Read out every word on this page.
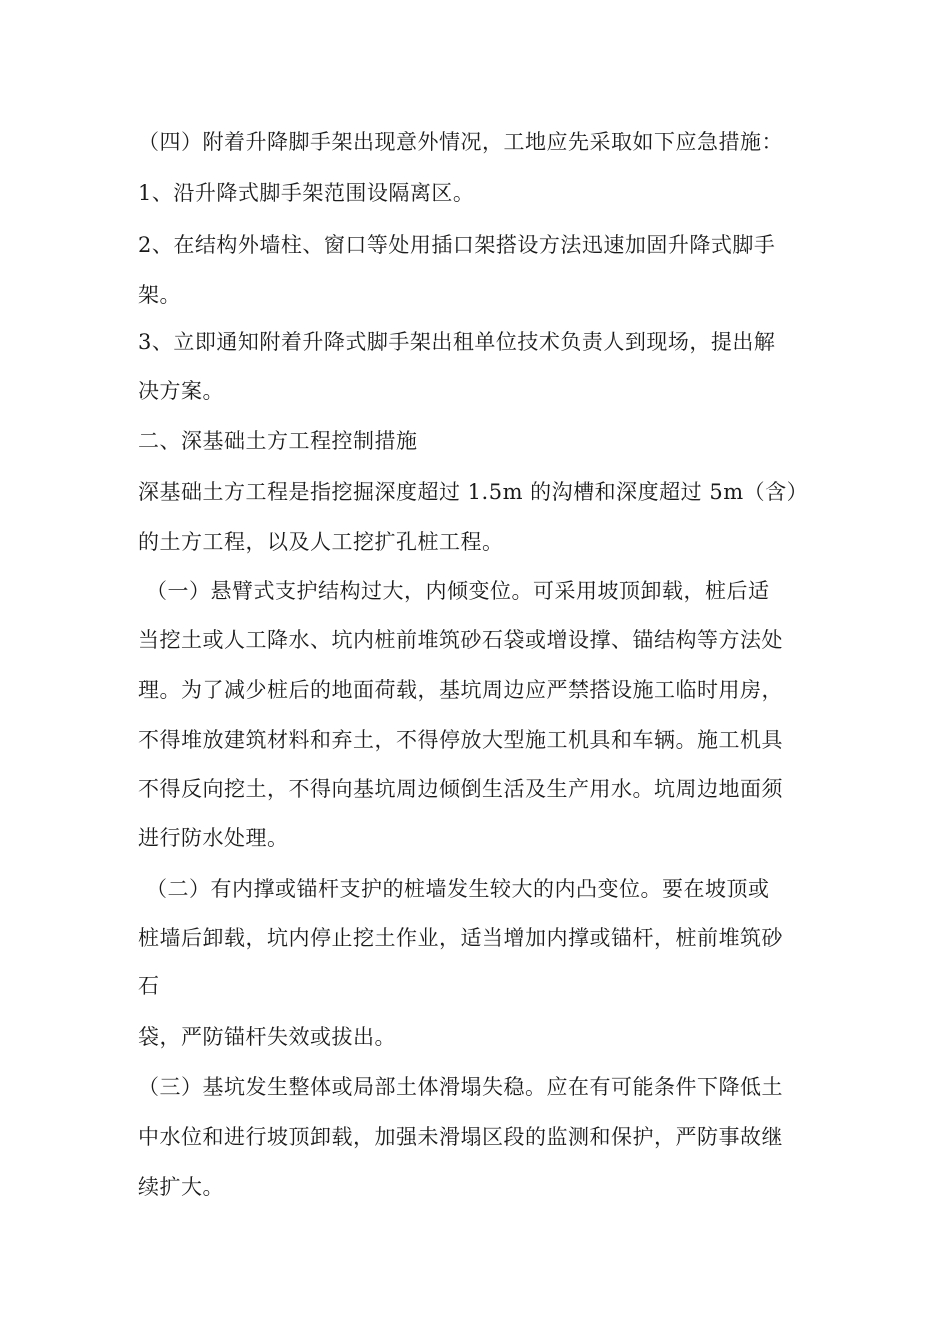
（四）附着升降脚手架出现意外情况，工地应先采取如下应急措施：
1、沿升降式脚手架范围设隔离区。
2、在结构外墙柱、窗口等处用插口架搭设方法迅速加固升降式脚手
架。
3、立即通知附着升降式脚手架出租单位技术负责人到现场，提出解
决方案。
二、深基础土方工程控制措施
深基础土方工程是指挖掘深度超过 1.5m 的沟槽和深度超过 5m（含）
的土方工程，以及人工挖扩孔桩工程。
（一）悬臂式支护结构过大，内倾变位。可采用坡顶卸载，桩后适
当挖土或人工降水、坑内桩前堆筑砂石袋或增设撑、锚结构等方法处
理。为了减少桩后的地面荷载，基坑周边应严禁搭设施工临时用房，
不得堆放建筑材料和弃土，不得停放大型施工机具和车辆。施工机具
不得反向挖土，不得向基坑周边倾倒生活及生产用水。坑周边地面须
进行防水处理。
（二）有内撑或锚杆支护的桩墙发生较大的内凸变位。要在坡顶或
桩墙后卸载，坑内停止挖土作业，适当增加内撑或锚杆，桩前堆筑砂
石
袋，严防锚杆失效或拔出。
（三）基坑发生整体或局部土体滑塌失稳。应在有可能条件下降低土
中水位和进行坡顶卸载，加强未滑塌区段的监测和保护，严防事故继
续扩大。
